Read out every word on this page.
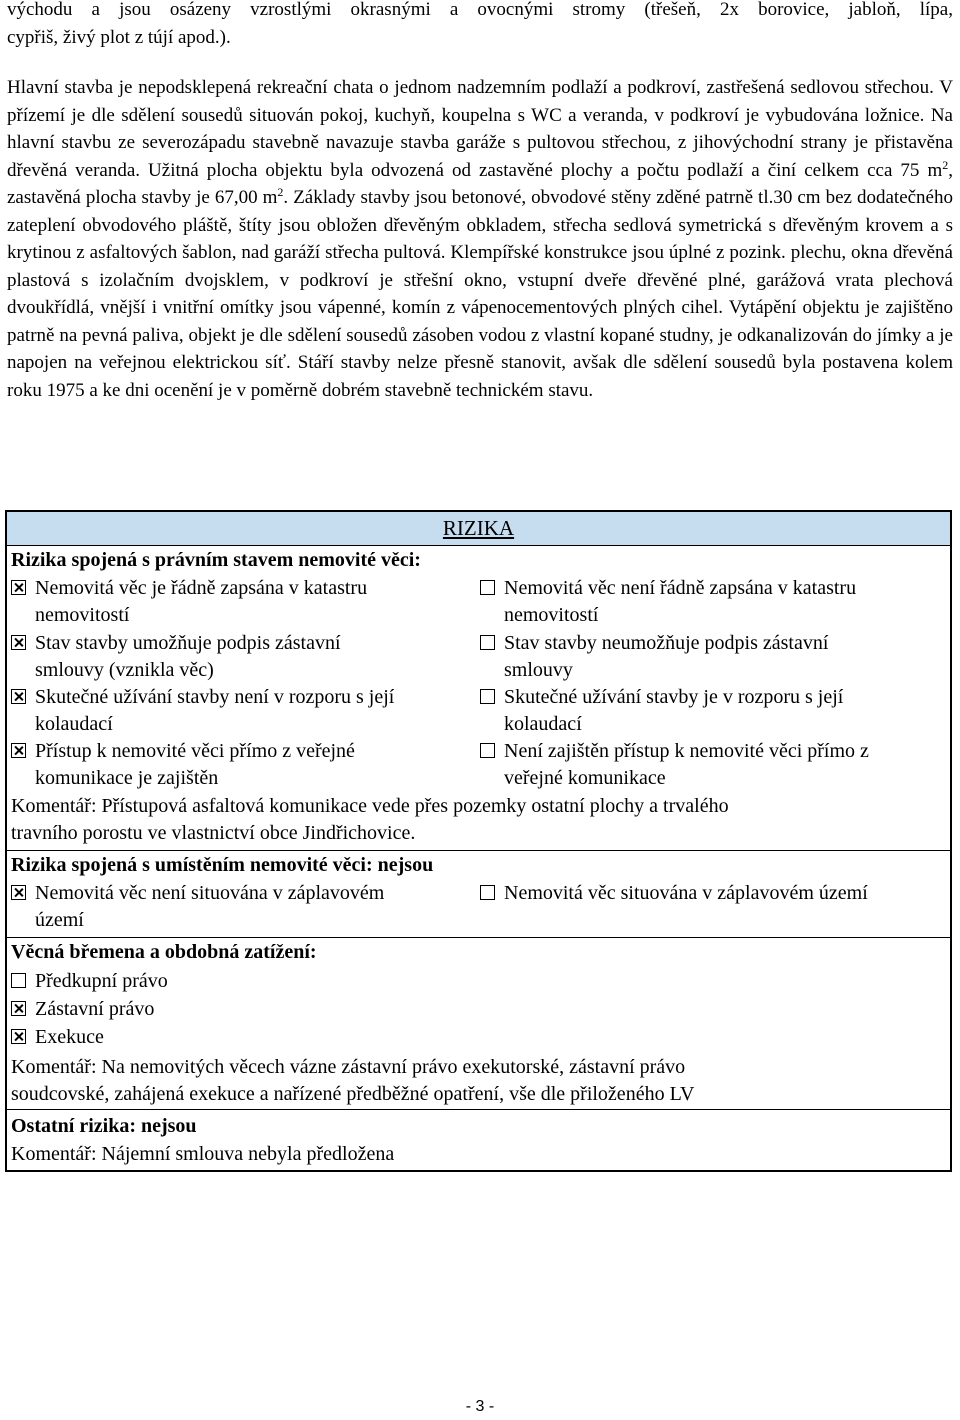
východu a jsou osázeny vzrostlými okrasnými a ovocnými stromy (třešeň, 2x borovice, jabloň, lípa,
cypřiš, živý plot z tújí apod.).

Hlavní stavba je nepodsklepená rekreační chata o jednom nadzemním podlaží a podkroví, zastřešená sedlovou střechou. V přízemí je dle sdělení sousedů situován pokoj, kuchyň, koupelna s WC a veranda, v podkroví je vybudována ložnice. Na hlavní stavbu ze severozápadu stavebně navazuje stavba garáže s pultovou střechou, z jihovýchodní strany je přistavěna dřevěná veranda. Užitná plocha objektu byla odvozená od zastavěné plochy a počtu podlaží a činí celkem cca 75 $m^2$, zastavěná plocha stavby je 67,00 $m^2$. Základy stavby jsou betonové, obvodové stěny zděné patrně tl.30 cm bez dodatečného zateplení obvodového pláště, štíty jsou obložen dřevěným obkladem, střecha sedlová symetrická s dřevěným krovem a s krytinou z asfaltových šablon, nad garáží střecha pultová. Klempířské konstrukce jsou úplné z pozink. plechu, okna dřevěná plastová s izolačním dvojsklem, v podkroví je střešní okno, vstupní dveře dřevěné plné, garážová vrata plechová dvoukřídlá, vnější i vnitřní omítky jsou vápenné, komín z vápenocementových plných cihel. Vytápění objektu je zajištěno patrně na pevná paliva, objekt je dle sdělení sousedů zásoben vodou z vlastní kopané studny, je odkanalizován do jímky a je napojen na veřejnou elektrickou síť. Stáří stavby nelze přesně stanovit, avšak dle sdělení sousedů byla postavena kolem roku 1975 a ke dni ocenění je v poměrně dobrém stavebně technickém stavu.

RIZIKA
Rizika spojená s právním stavem nemovité věci:
Nemovitá věc je řádně zapsána v katastru
nemovitostí
Nemovitá věc není řádně zapsána v katastru
nemovitostí
Stav stavby umožňuje podpis zástavní
smlouvy (vznikla věc)
Stav stavby neumožňuje podpis zástavní
smlouvy
Skutečné užívání stavby není v rozporu s její
kolaudací
Skutečné užívání stavby je v rozporu s její
kolaudací
Přístup k nemovité věci přímo z veřejné
komunikace je zajištěn
Není zajištěn přístup k nemovité věci přímo z
veřejné komunikace
Komentář: Přístupová asfaltová komunikace vede přes pozemky ostatní plochy a trvalého
travního porostu ve vlastnictví obce Jindřichovice.
Rizika spojená s umístěním nemovité věci: nejsou
Nemovitá věc není situována v záplavovém
území
Nemovitá věc situována v záplavovém území
Věcná břemena a obdobná zatížení:
Předkupní právo
Zástavní právo
Exekuce
Komentář: Na nemovitých věcech vázne zástavní právo exekutorské, zástavní právo
soudcovské, zahájená exekuce a nařízené předběžné opatření, vše dle přiloženého LV
Ostatní rizika: nejsou
Komentář: Nájemní smlouva nebyla předložena
- 3 -
